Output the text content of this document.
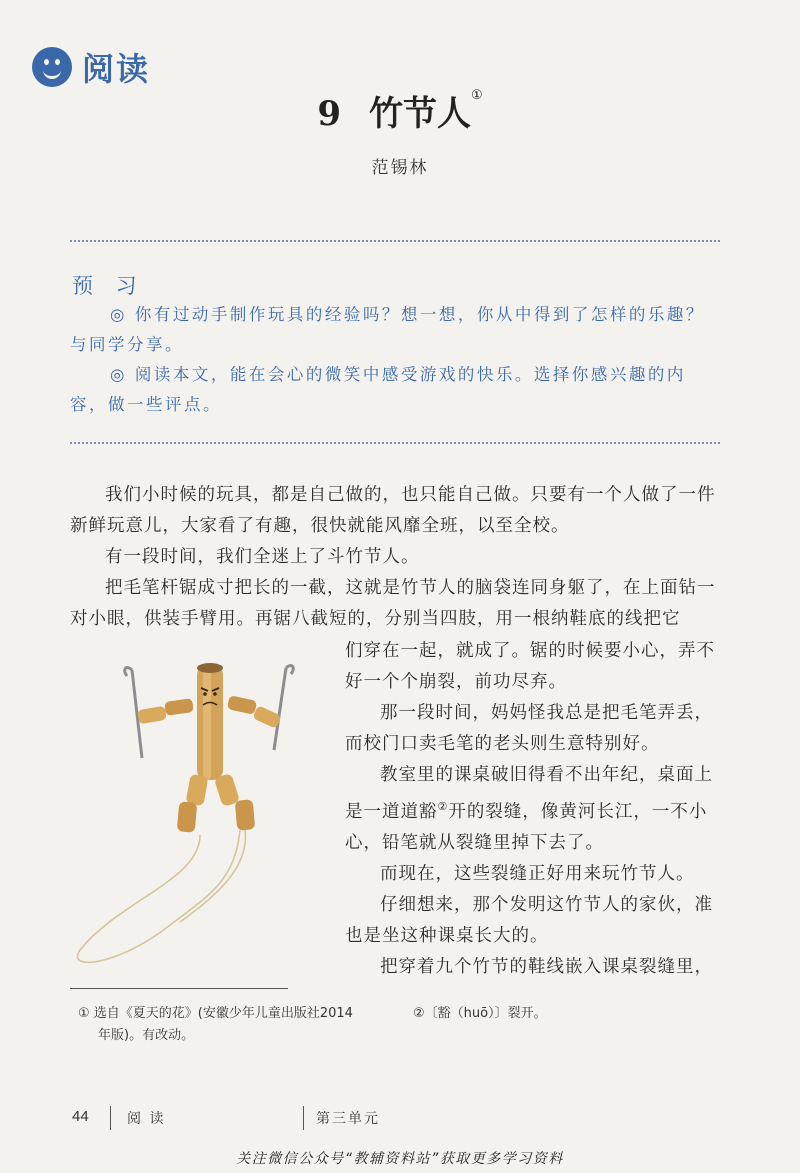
阅读
9 竹节人①
范锡林
预 习
◎ 你有过动手制作玩具的经验吗？想一想，你从中得到了怎样的乐趣？
与同学分享。
◎ 阅读本文，能在会心的微笑中感受游戏的快乐。选择你感兴趣的内
容，做一些评点。

我们小时候的玩具，都是自己做的，也只能自己做。只要有一个人做了一件新鲜玩意儿，大家看了有趣，很快就能风靡全班，以至全校。

有一段时间，我们全迷上了斗竹节人。

把毛笔杆锯成寸把长的一截，这就是竹节人的脑袋连同身躯了，在上面钻一对小眼，供装手臂用。再锯八截短的，分别当四肢，用一根纳鞋底的线把它

们穿在一起，就成了。锯的时候要小心，弄不好一个个崩裂，前功尽弃。

那一段时间，妈妈怪我总是把毛笔弄丢，而校门口卖毛笔的老头则生意特别好。

教室里的课桌破旧得看不出年纪，桌面上是一道道豁②开的裂缝，像黄河长江，一不小心，铅笔就从裂缝里掉下去了。

而现在，这些裂缝正好用来玩竹节人。

仔细想来，那个发明这竹节人的家伙，准也是坐这种课桌长大的。

把穿着九个竹节的鞋线嵌入课桌裂缝里，

① 选自《夏天的花》(安徽少年儿童出版社2014
年版)。有改动。
②〔豁（huō）〕裂开。
44	阅 读	第三单元
关注微信公众号“教辅资料站”获取更多学习资料
